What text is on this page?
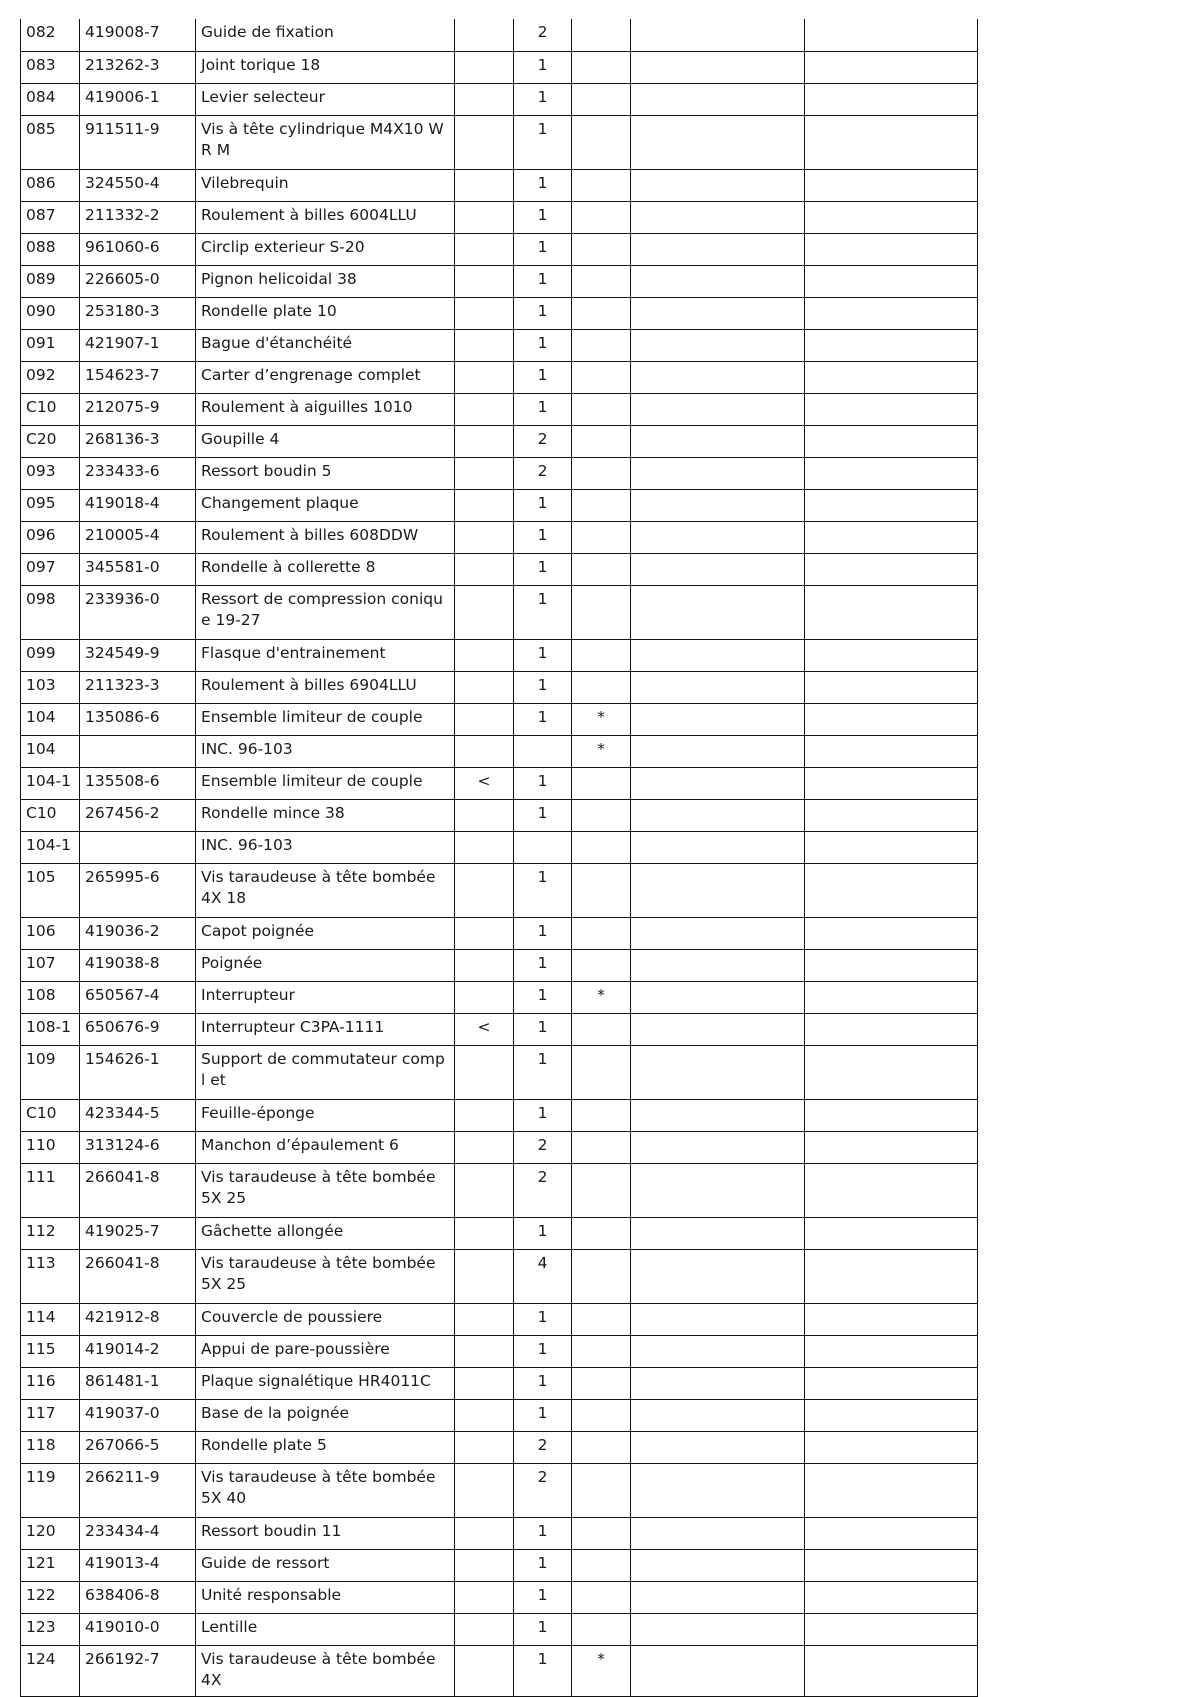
082	419008-7	Guide de fixation		2			
083	213262-3	Joint torique 18		1			
084	419006-1	Levier selecteur		1			
085	911511-9	Vis à tête cylindrique M4X10 WR M		1			
086	324550-4	Vilebrequin		1			
087	211332-2	Roulement à billes 6004LLU		1			
088	961060-6	Circlip exterieur S-20		1			
089	226605-0	Pignon helicoidal 38		1			
090	253180-3	Rondelle plate 10		1			
091	421907-1	Bague d'étanchéité		1			
092	154623-7	Carter d’engrenage complet		1			
C10	212075-9	Roulement à aiguilles 1010		1			
C20	268136-3	Goupille 4		2			
093	233433-6	Ressort boudin 5		2			
095	419018-4	Changement plaque		1			
096	210005-4	Roulement à billes 608DDW		1			
097	345581-0	Rondelle à collerette 8		1			
098	233936-0	Ressort de compression conique 19-27		1			
099	324549-9	Flasque d'entrainement		1			
103	211323-3	Roulement à billes 6904LLU		1			
104	135086-6	Ensemble limiteur de couple		1	*		
104		INC. 96-103			*		
104-1	135508-6	Ensemble limiteur de couple	<	1			
C10	267456-2	Rondelle mince 38		1			
104-1		INC. 96-103					
105	265995-6	Vis taraudeuse à tête bombée 4X 18		1			
106	419036-2	Capot poignée		1			
107	419038-8	Poignée		1			
108	650567-4	Interrupteur		1	*		
108-1	650676-9	Interrupteur C3PA-1111	<	1			
109	154626-1	Support de commutateur compl et		1			
C10	423344-5	Feuille-éponge		1			
110	313124-6	Manchon d’épaulement 6		2			
111	266041-8	Vis taraudeuse à tête bombée 5X 25		2			
112	419025-7	Gâchette allongée		1			
113	266041-8	Vis taraudeuse à tête bombée 5X 25		4			
114	421912-8	Couvercle de poussiere		1			
115	419014-2	Appui de pare-poussière		1			
116	861481-1	Plaque signalétique HR4011C		1			
117	419037-0	Base de la poignée		1			
118	267066-5	Rondelle plate 5		2			
119	266211-9	Vis taraudeuse à tête bombée 5X 40		2			
120	233434-4	Ressort boudin 11		1			
121	419013-4	Guide de ressort		1			
122	638406-8	Unité responsable		1			
123	419010-0	Lentille		1			
124	266192-7	Vis taraudeuse à tête bombée 4X		1	*		
